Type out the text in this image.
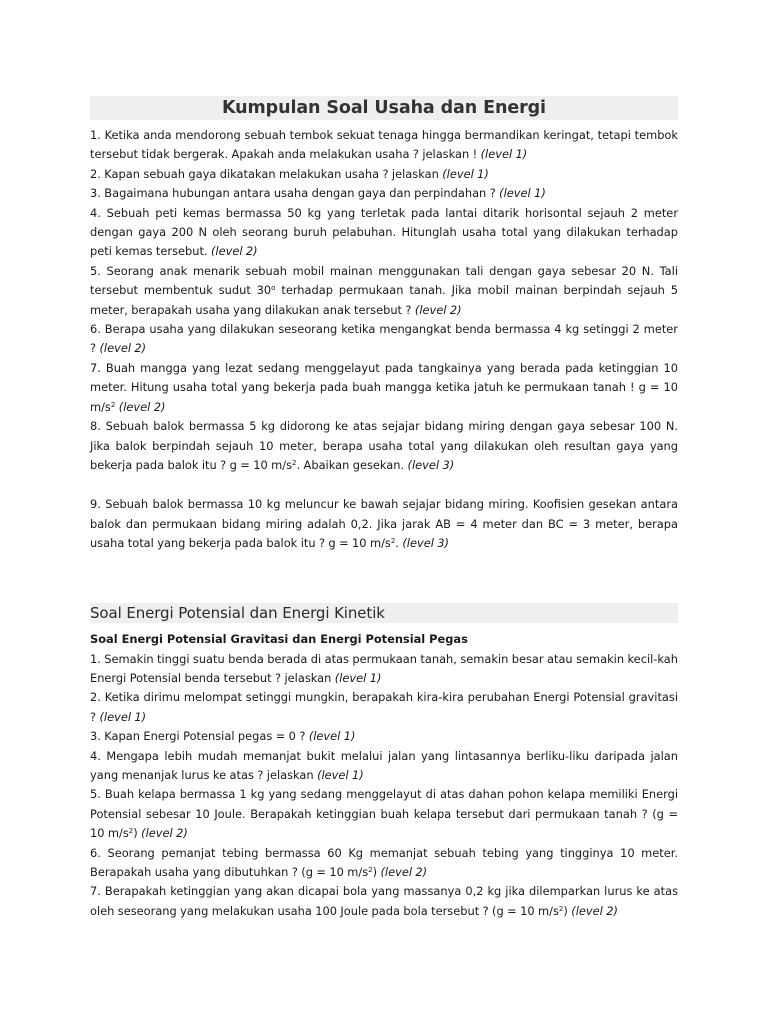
Kumpulan Soal Usaha dan Energi

1. Ketika anda mendorong sebuah tembok sekuat tenaga hingga bermandikan keringat, tetapi tembok tersebut tidak bergerak. Apakah anda melakukan usaha ? jelaskan ! (level 1)

2. Kapan sebuah gaya dikatakan melakukan usaha ? jelaskan (level 1)

3. Bagaimana hubungan antara usaha dengan gaya dan perpindahan ? (level 1)

4. Sebuah peti kemas bermassa 50 kg yang terletak pada lantai ditarik horisontal sejauh 2 meter dengan gaya 200 N oleh seorang buruh pelabuhan. Hitunglah usaha total yang dilakukan terhadap peti kemas tersebut. (level 2)

5. Seorang anak menarik sebuah mobil mainan menggunakan tali dengan gaya sebesar 20 N. Tali tersebut membentuk sudut 30$^o$ terhadap permukaan tanah. Jika mobil mainan berpindah sejauh 5 meter, berapakah usaha yang dilakukan anak tersebut ? (level 2)

6. Berapa usaha yang dilakukan seseorang ketika mengangkat benda bermassa 4 kg setinggi 2 meter ? (level 2)

7. Buah mangga yang lezat sedang menggelayut pada tangkainya yang berada pada ketinggian 10 meter. Hitung usaha total yang bekerja pada buah mangga ketika jatuh ke permukaan tanah ! g = 10 $m/s^2$ (level 2)

8. Sebuah balok bermassa 5 kg didorong ke atas sejajar bidang miring dengan gaya sebesar 100 N. Jika balok berpindah sejauh 10 meter, berapa usaha total yang dilakukan oleh resultan gaya yang bekerja pada balok itu ? g = 10 $m/s^2$. Abaikan gesekan. (level 3)

9. Sebuah balok bermassa 10 kg meluncur ke bawah sejajar bidang miring. Koofisien gesekan antara balok dan permukaan bidang miring adalah 0,2. Jika jarak AB = 4 meter dan BC = 3 meter, berapa usaha total yang bekerja pada balok itu ? g = 10 $m/s^2$. (level 3)

Soal Energi Potensial dan Energi Kinetik

Soal Energi Potensial Gravitasi dan Energi Potensial Pegas

1. Semakin tinggi suatu benda berada di atas permukaan tanah, semakin besar atau semakin kecil-kah Energi Potensial benda tersebut ? jelaskan (level 1)

2. Ketika dirimu melompat setinggi mungkin, berapakah kira-kira perubahan Energi Potensial gravitasi ? (level 1)

3. Kapan Energi Potensial pegas = 0 ? (level 1)

4. Mengapa lebih mudah memanjat bukit melalui jalan yang lintasannya berliku-liku daripada jalan yang menanjak lurus ke atas ? jelaskan (level 1)

5. Buah kelapa bermassa 1 kg yang sedang menggelayut di atas dahan pohon kelapa memiliki Energi Potensial sebesar 10 Joule. Berapakah ketinggian buah kelapa tersebut dari permukaan tanah ? (g = 10 $m/s^2$) (level 2)

6. Seorang pemanjat tebing bermassa 60 Kg memanjat sebuah tebing yang tingginya 10 meter. Berapakah usaha yang dibutuhkan ? (g = 10 $m/s^2$) (level 2)

7. Berapakah ketinggian yang akan dicapai bola yang massanya 0,2 kg jika dilemparkan lurus ke atas oleh seseorang yang melakukan usaha 100 Joule pada bola tersebut ? (g = 10 $m/s^2$) (level 2)
